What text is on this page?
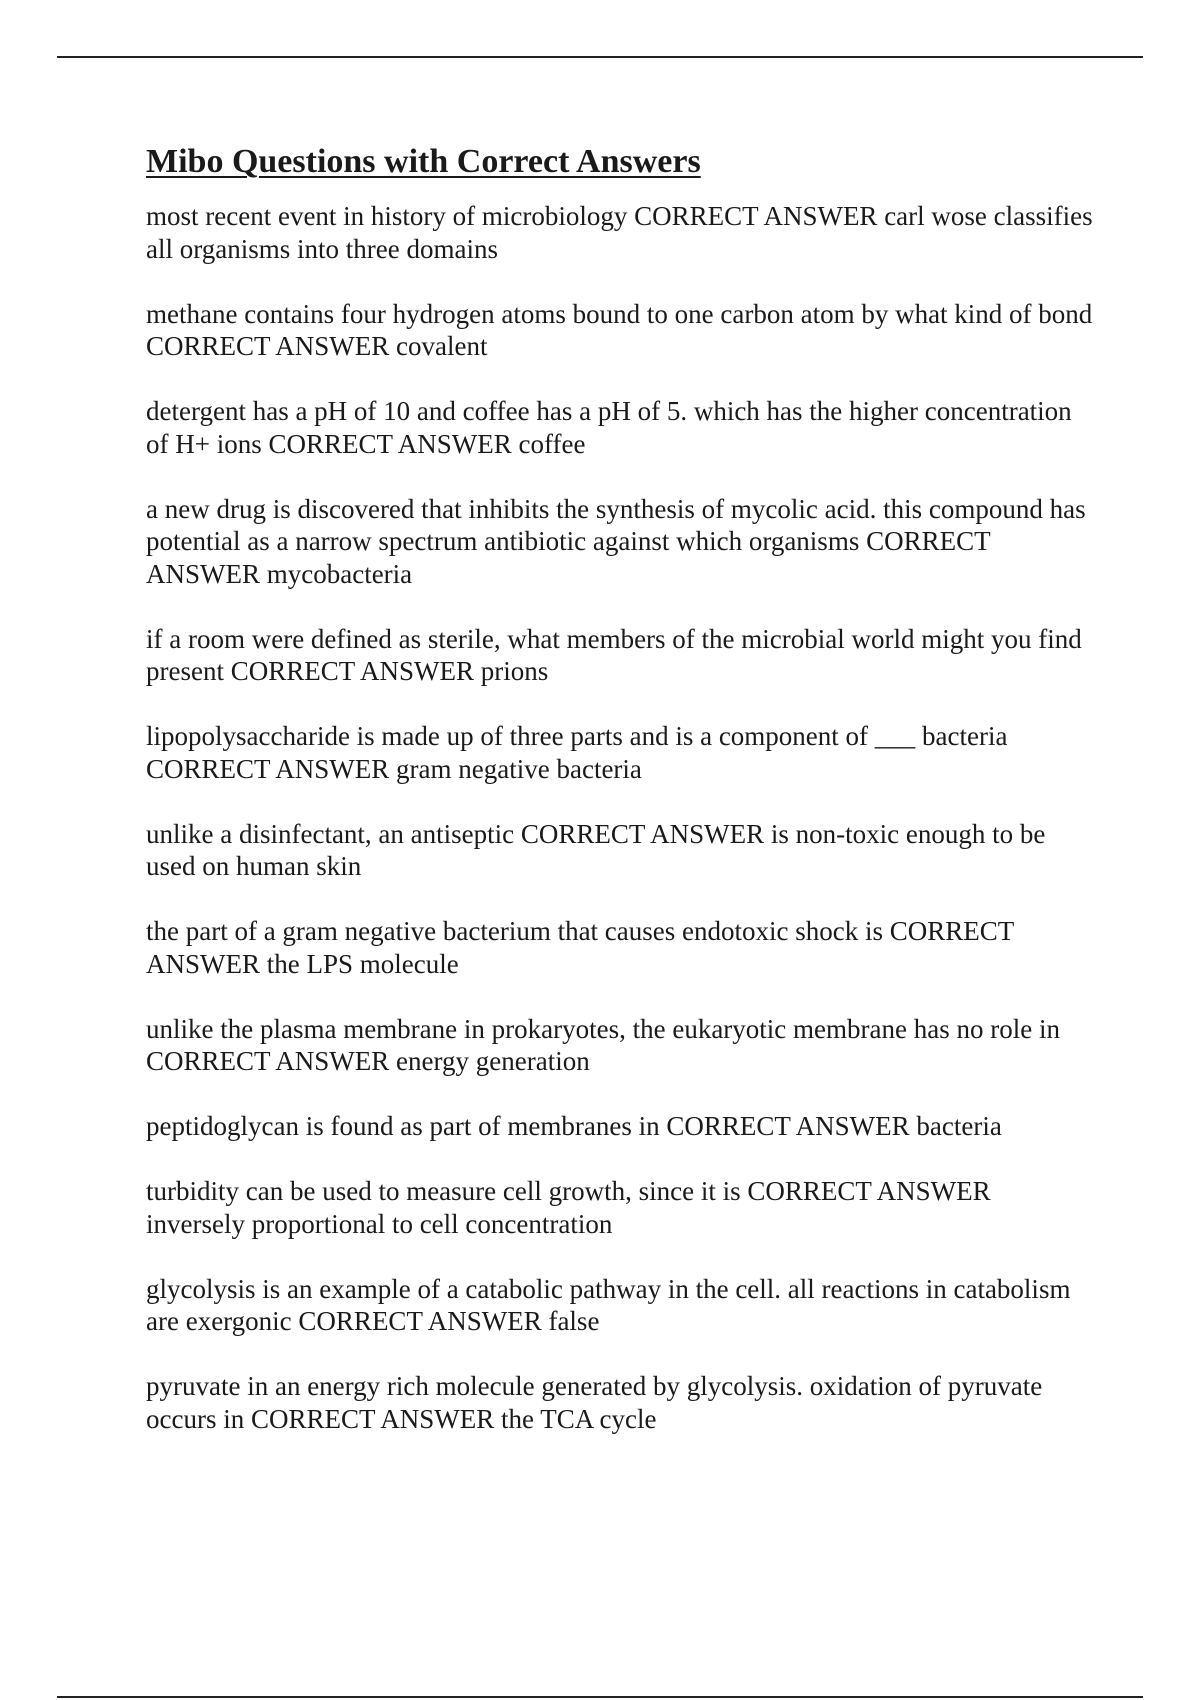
Mibo Questions with Correct Answers

most recent event in history of microbiology CORRECT ANSWER carl wose classifies all organisms into three domains

methane contains four hydrogen atoms bound to one carbon atom by what kind of bond CORRECT ANSWER covalent

detergent has a pH of 10 and coffee has a pH of 5. which has the higher concentration of H+ ions CORRECT ANSWER coffee

a new drug is discovered that inhibits the synthesis of mycolic acid. this compound has potential as a narrow spectrum antibiotic against which organisms CORRECT ANSWER mycobacteria

if a room were defined as sterile, what members of the microbial world might you find present CORRECT ANSWER prions

lipopolysaccharide is made up of three parts and is a component of ___ bacteria CORRECT ANSWER gram negative bacteria

unlike a disinfectant, an antiseptic CORRECT ANSWER is non-toxic enough to be used on human skin

the part of a gram negative bacterium that causes endotoxic shock is CORRECT ANSWER the LPS molecule

unlike the plasma membrane in prokaryotes, the eukaryotic membrane has no role in CORRECT ANSWER energy generation

peptidoglycan is found as part of membranes in CORRECT ANSWER bacteria

turbidity can be used to measure cell growth, since it is CORRECT ANSWER inversely proportional to cell concentration

glycolysis is an example of a catabolic pathway in the cell. all reactions in catabolism are exergonic CORRECT ANSWER false

pyruvate in an energy rich molecule generated by glycolysis. oxidation of pyruvate occurs in CORRECT ANSWER the TCA cycle
